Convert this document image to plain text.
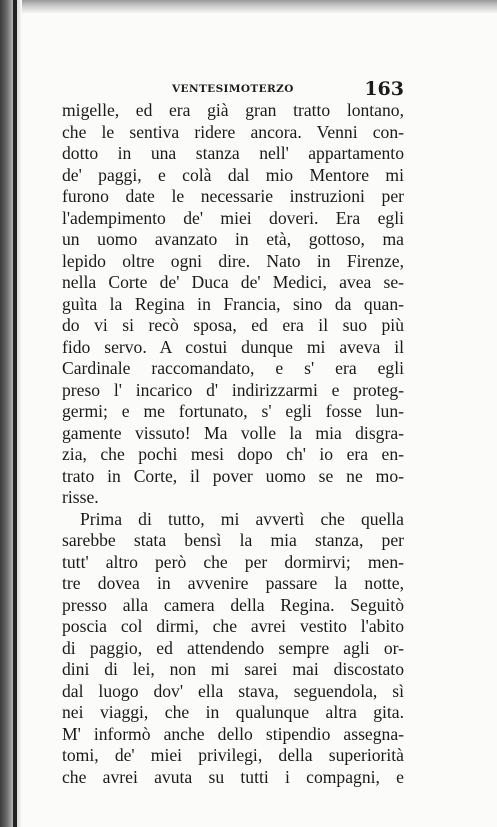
VENTESIMOTERZO	163
migelle, ed era già gran tratto lontano,
che le sentiva ridere ancora. Venni con-
dotto in una stanza nell' appartamento
de' paggi, e colà dal mio Mentore mi
furono date le necessarie instruzioni per
l'adempimento de' miei doveri. Era egli
un uomo avanzato in età, gottoso, ma
lepido oltre ogni dire. Nato in Firenze,
nella Corte de' Duca de' Medici, avea se-
guìta la Regina in Francia, sino da quan-
do vi si recò sposa, ed era il suo più
fido servo. A costui dunque mi aveva il
Cardinale raccomandato, e s' era egli
preso l' incarico d' indirizzarmi e proteg-
germi; e me fortunato, s' egli fosse lun-
gamente vissuto! Ma volle la mia disgra-
zia, che pochi mesi dopo ch' io era en-
trato in Corte, il pover uomo se ne mo-
risse.
Prima di tutto, mi avvertì che quella
sarebbe stata bensì la mia stanza, per
tutt' altro però che per dormirvi; men-
tre dovea in avvenire passare la notte,
presso alla camera della Regina. Seguitò
poscia col dirmi, che avrei vestito l'abito
di paggio, ed attendendo sempre agli or-
dini di lei, non mi sarei mai discostato
dal luogo dov' ella stava, seguendola, sì
nei viaggi, che in qualunque altra gita.
M' informò anche dello stipendio assegna-
tomi, de' miei privilegi, della superiorità
che avrei avuta su tutti i compagni, e
